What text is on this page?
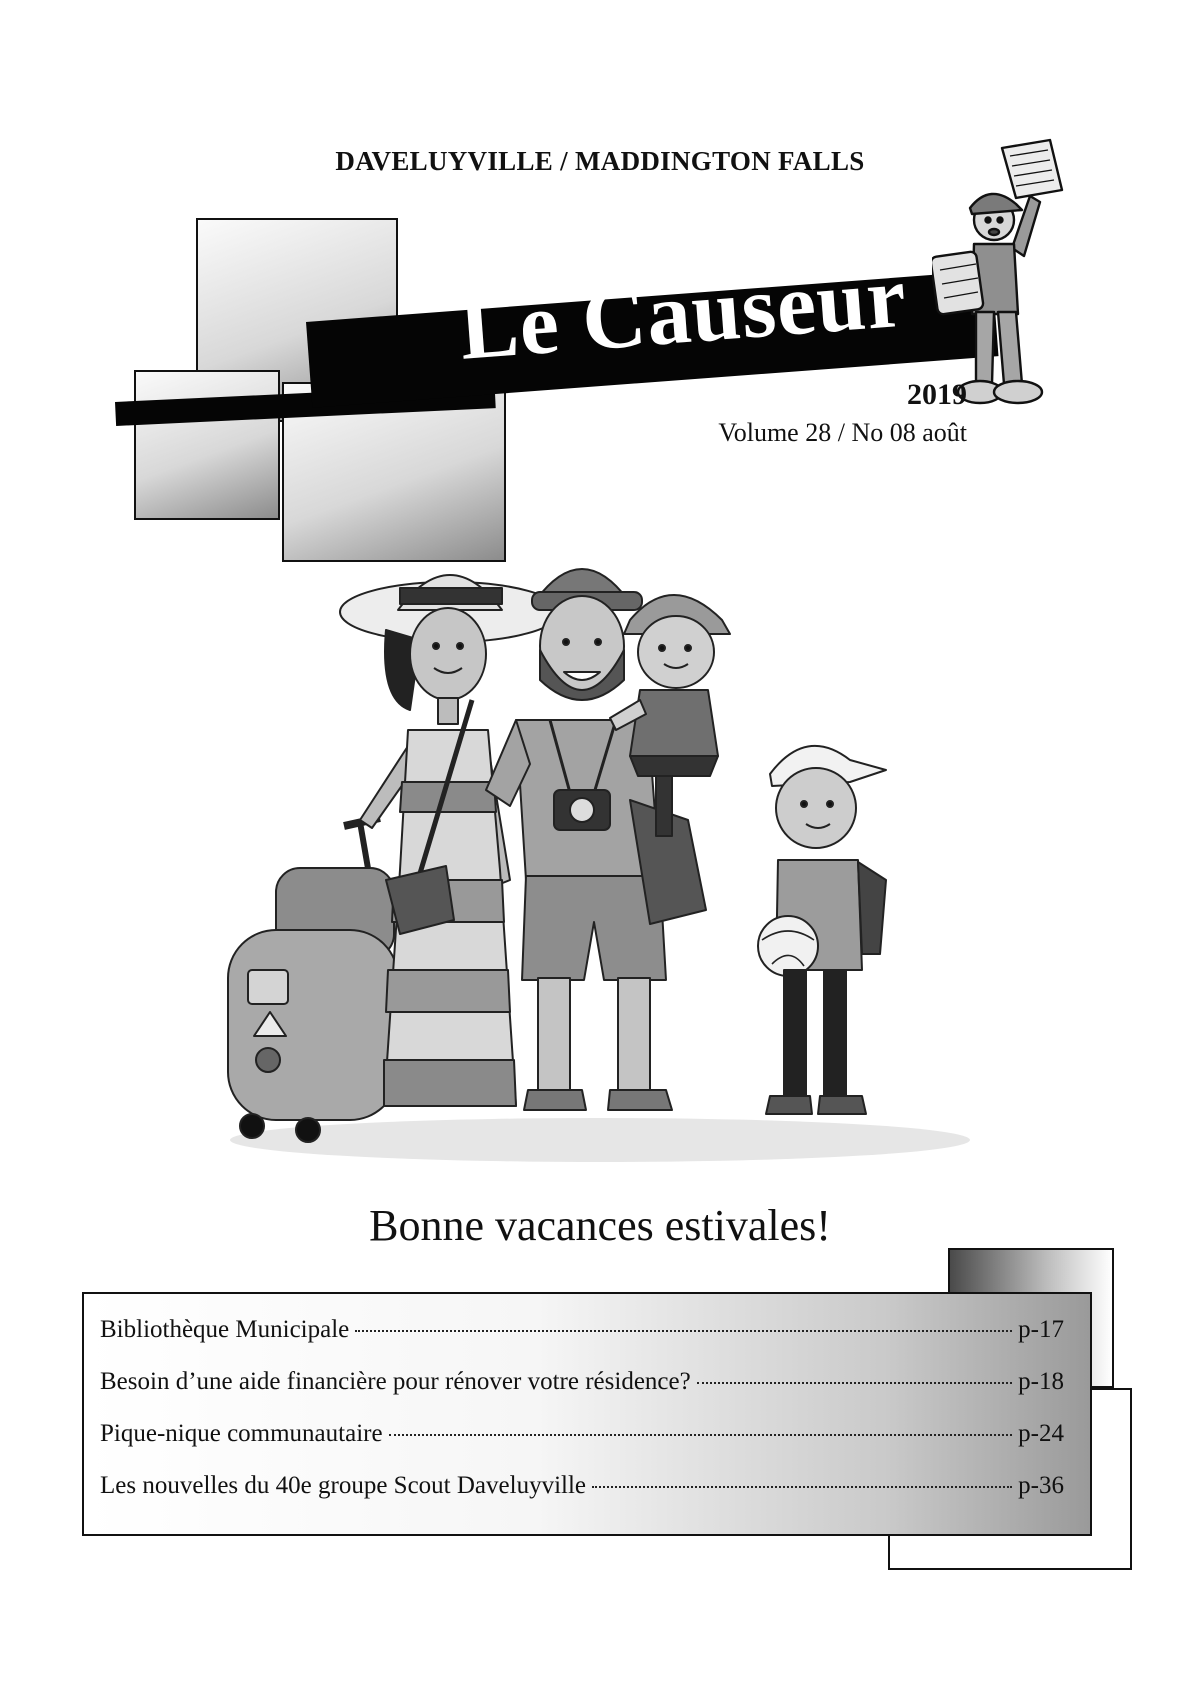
DAVELUYVILLE / MADDINGTON FALLS
Le Causeur
2019
Volume 28 / No 08 août
Bonne vacances estivales!
Bibliothèque Municipale	p-17
Besoin d’une aide financière pour rénover votre résidence?	p-18
Pique-nique communautaire	p-24
Les nouvelles du 40e groupe Scout Daveluyville	p-36
